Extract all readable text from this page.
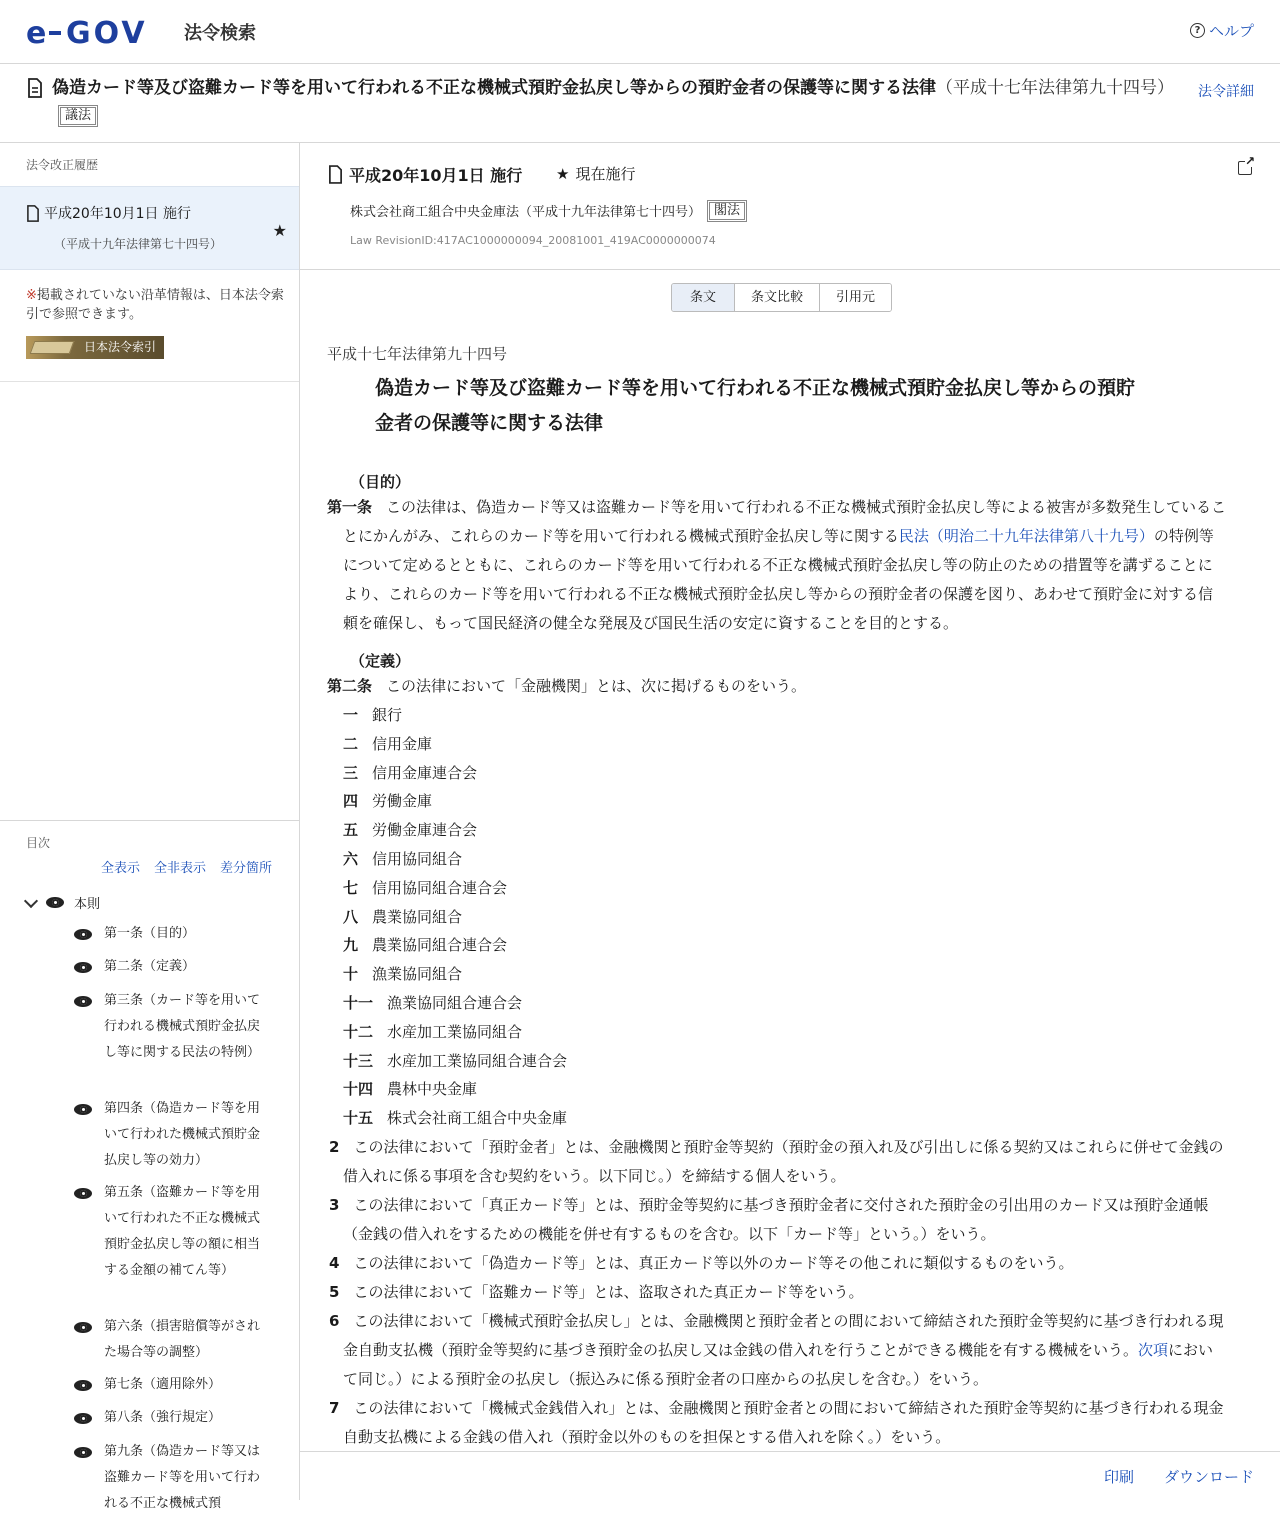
e GOV 法令検索	? ヘルプ
偽造カード等及び盗難カード等を用いて行われる不正な機械式預貯金払戻し等からの預貯金者の保護等に関する法律（平成十七年法律第九十四号）議法
法令詳細
法令改正履歴
平成20年10月1日 施行
（平成十九年法律第七十四号）
★
※掲載されていない沿革情報は、日本法令索引で参照できます。
日本法令索引
目次
全表示 全非表示 差分箇所
本則
第一条（目的）
第二条（定義）
第三条（カード等を用いて行われる機械式預貯金払戻し等に関する民法の特例）
第四条（偽造カード等を用いて行われた機械式預貯金払戻し等の効力）
第五条（盗難カード等を用いて行われた不正な機械式預貯金払戻し等の額に相当する金額の補てん等）
第六条（損害賠償等がされた場合等の調整）
第七条（適用除外）
第八条（強行規定）
第九条（偽造カード等又は盗難カード等を用いて行われる不正な機械式預
平成20年10月1日 施行 ★ 現在施行
↗
株式会社商工組合中央金庫法（平成十九年法律第七十四号） 閣法
Law RevisionID:417AC1000000094_20081001_419AC0000000074
条文	条文比較	引用元
平成十七年法律第九十四号
偽造カード等及び盗難カード等を用いて行われる不正な機械式預貯金払戻し等からの預貯
金者の保護等に関する法律
（目的）
第一条 この法律は、偽造カード等又は盗難カード等を用いて行われる不正な機械式預貯金払戻し等による被害が多数発生していることにかんがみ、これらのカード等を用いて行われる機械式預貯金払戻し等に関する民法（明治二十九年法律第八十九号）の特例等について定めるとともに、これらのカード等を用いて行われる不正な機械式預貯金払戻し等の防止のための措置等を講ずることにより、これらのカード等を用いて行われる不正な機械式預貯金払戻し等からの預貯金者の保護を図り、あわせて預貯金に対する信頼を確保し、もって国民経済の健全な発展及び国民生活の安定に資することを目的とする。
（定義）
第二条 この法律において「金融機関」とは、次に掲げるものをいう。
一 銀行
二 信用金庫
三 信用金庫連合会
四 労働金庫
五 労働金庫連合会
六 信用協同組合
七 信用協同組合連合会
八 農業協同組合
九 農業協同組合連合会
十 漁業協同組合
十一 漁業協同組合連合会
十二 水産加工業協同組合
十三 水産加工業協同組合連合会
十四 農林中央金庫
十五 株式会社商工組合中央金庫
2 この法律において「預貯金者」とは、金融機関と預貯金等契約（預貯金の預入れ及び引出しに係る契約又はこれらに併せて金銭の借入れに係る事項を含む契約をいう。以下同じ。）を締結する個人をいう。
3 この法律において「真正カード等」とは、預貯金等契約に基づき預貯金者に交付された預貯金の引出用のカード又は預貯金通帳（金銭の借入れをするための機能を併せ有するものを含む。以下「カード等」という。）をいう。
4 この法律において「偽造カード等」とは、真正カード等以外のカード等その他これに類似するものをいう。
5 この法律において「盗難カード等」とは、盗取された真正カード等をいう。
6 この法律において「機械式預貯金払戻し」とは、金融機関と預貯金者との間において締結された預貯金等契約に基づき行われる現金自動支払機（預貯金等契約に基づき預貯金の払戻し又は金銭の借入れを行うことができる機能を有する機械をいう。次項において同じ。）による預貯金の払戻し（振込みに係る預貯金者の口座からの払戻しを含む。）をいう。
7 この法律において「機械式金銭借入れ」とは、金融機関と預貯金者との間において締結された預貯金等契約に基づき行われる現金自動支払機による金銭の借入れ（預貯金以外のものを担保とする借入れを除く。）をいう。
印刷 ダウンロード
